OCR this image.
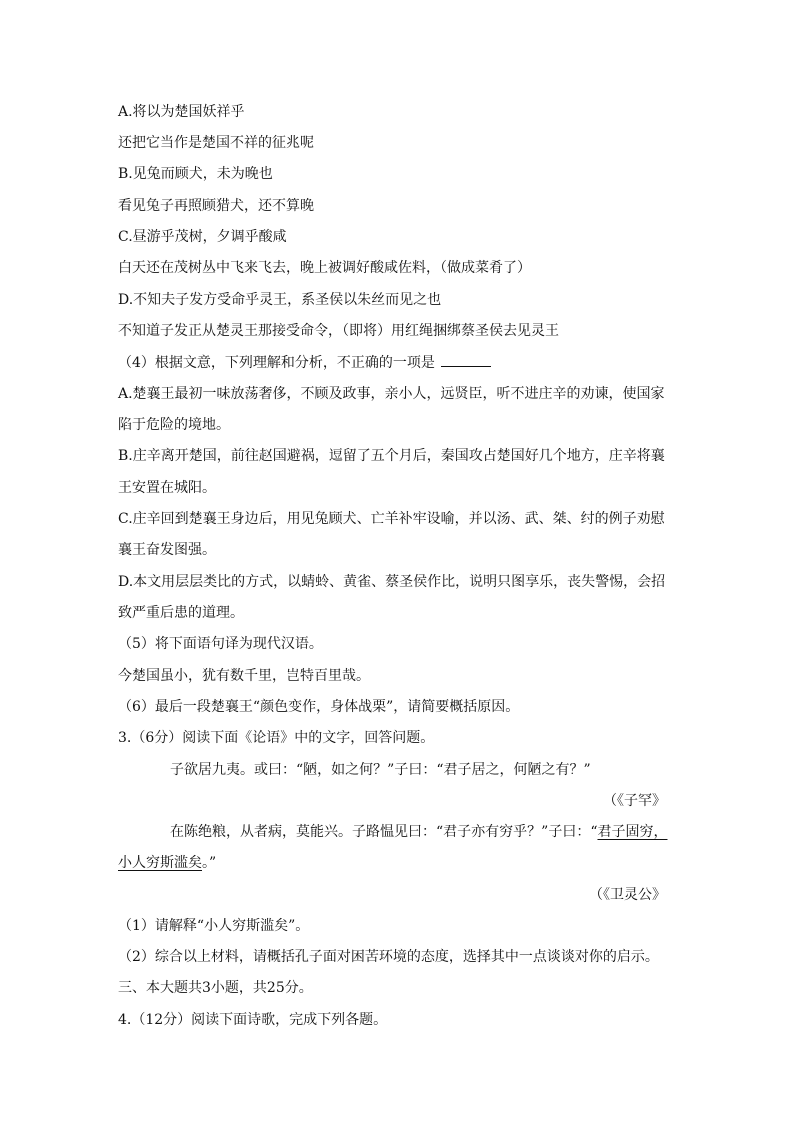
A.将以为楚国妖祥乎
还把它当作是楚国不祥的征兆呢
B.见兔而顾犬，未为晚也
看见兔子再照顾猎犬，还不算晚
C.昼游乎茂树，夕调乎酸咸
白天还在茂树丛中飞来飞去，晚上被调好酸咸佐料，（做成菜肴了）
D.不知夫子发方受命乎灵王，系圣侯以朱丝而见之也
不知道子发正从楚灵王那接受命令，（即将）用红绳捆绑蔡圣侯去见灵王
（4）根据文意，下列理解和分析，不正确的一项是
A.楚襄王最初一味放荡奢侈，不顾及政事，亲小人，远贤臣，听不进庄辛的劝谏，使国家
陷于危险的境地。
B.庄辛离开楚国，前往赵国避祸，逗留了五个月后，秦国攻占楚国好几个地方，庄辛将襄
王安置在城阳。
C.庄辛回到楚襄王身边后，用见兔顾犬、亡羊补牢设喻，并以汤、武、桀、纣的例子劝慰
襄王奋发图强。
D.本文用层层类比的方式，以蜻蛉、黄雀、蔡圣侯作比，说明只图享乐，丧失警惕，会招
致严重后患的道理。
（5）将下面语句译为现代汉语。
今楚国虽小，犹有数千里，岂特百里哉。
（6）最后一段楚襄王“颜色变作，身体战栗”，请简要概括原因。
3.（6分）阅读下面《论语》中的文字，回答问题。
子欲居九夷。或曰：“陋，如之何？”子曰：“君子居之，何陋之有？”
（《子罕》
在陈绝粮，从者病，莫能兴。子路愠见曰：“君子亦有穷乎？”子曰：“君子固穷，
小人穷斯滥矣。”
（《卫灵公》
（1）请解释“小人穷斯滥矣”。
（2）综合以上材料，请概括孔子面对困苦环境的态度，选择其中一点谈谈对你的启示。
三、本大题共3小题，共25分。
4.（12分）阅读下面诗歌，完成下列各题。
